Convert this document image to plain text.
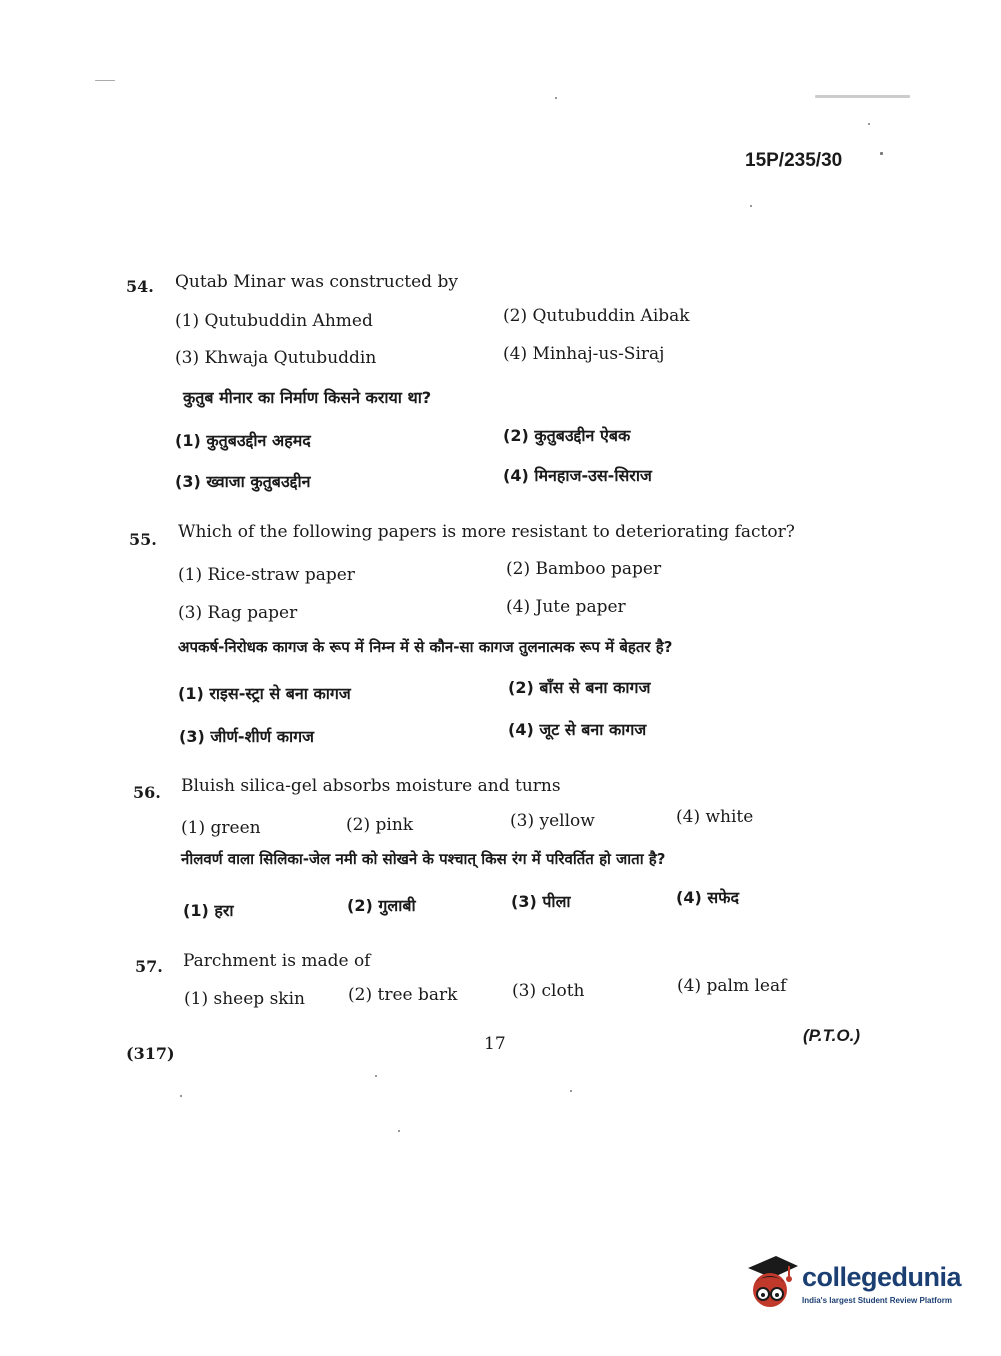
15P/235/30
54. Qutab Minar was constructed by
(1) Qutubuddin Ahmed	(2) Qutubuddin Aibak
(3) Khwaja Qutubuddin	(4) Minhaj-us-Siraj
कुतुब मीनार का निर्माण किसने कराया था?
(1) कुतुबउद्दीन अहमद	(2) कुतुबउद्दीन ऐबक
(3) ख्वाजा कुतुबउद्दीन	(4) मिनहाज-उस-सिराज
55. Which of the following papers is more resistant to deteriorating factor?
(1) Rice-straw paper	(2) Bamboo paper
(3) Rag paper	(4) Jute paper
अपकर्ष-निरोधक कागज के रूप में निम्न में से कौन-सा कागज तुलनात्मक रूप में बेहतर है?
(1) राइस-स्ट्रा से बना कागज	(2) बाँस से बना कागज
(3) जीर्ण-शीर्ण कागज	(4) जूट से बना कागज
56. Bluish silica-gel absorbs moisture and turns
(1) green	(2) pink	(3) yellow	(4) white
नीलवर्ण वाला सिलिका-जेल नमी को सोखने के पश्चात् किस रंग में परिवर्तित हो जाता है?
(1) हरा	(2) गुलाबी	(3) पीला	(4) सफेद
57. Parchment is made of
(1) sheep skin	(2) tree bark	(3) cloth	(4) palm leaf
(317)	17	(P.T.O.)
collegedunia
India's largest Student Review Platform
